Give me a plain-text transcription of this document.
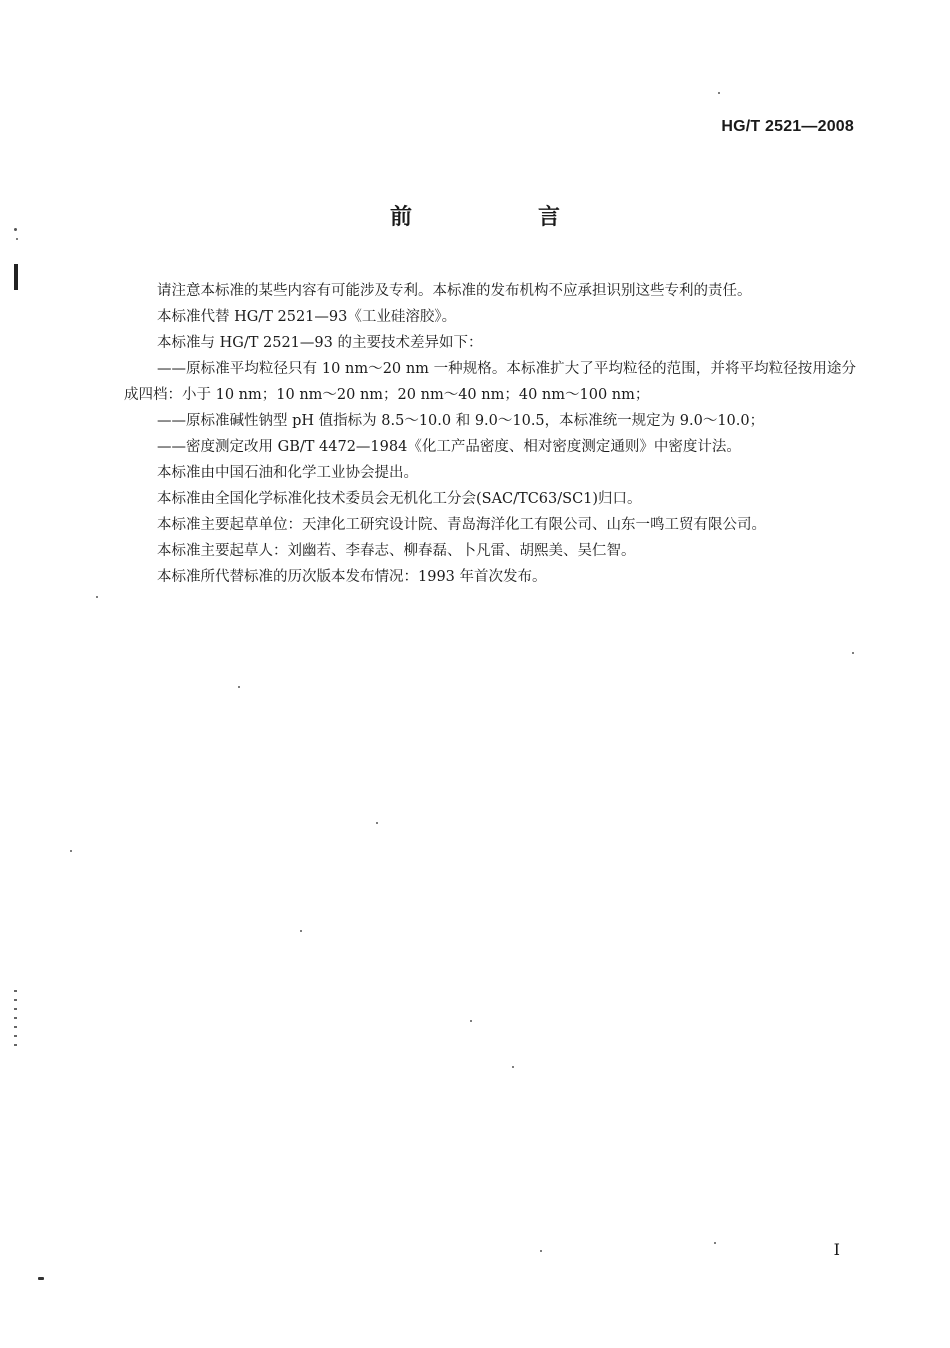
HG/T 2521—2008
前　言

请注意本标准的某些内容有可能涉及专利。本标准的发布机构不应承担识别这些专利的责任。

本标准代替 HG/T 2521—93《工业硅溶胶》。

本标准与 HG/T 2521—93 的主要技术差异如下：

——原标准平均粒径只有 10 nm～20 nm 一种规格。本标准扩大了平均粒径的范围，并将平均粒径按用途分成四档：小于 10 nm；10 nm～20 nm；20 nm～40 nm；40 nm～100 nm；

——原标准碱性钠型 pH 值指标为 8.5～10.0 和 9.0～10.5，本标准统一规定为 9.0～10.0；

——密度测定改用 GB/T 4472—1984《化工产品密度、相对密度测定通则》中密度计法。

本标准由中国石油和化学工业协会提出。

本标准由全国化学标准化技术委员会无机化工分会(SAC/TC63/SC1)归口。

本标准主要起草单位：天津化工研究设计院、青岛海洋化工有限公司、山东一鸣工贸有限公司。

本标准主要起草人：刘幽若、李春志、柳春磊、卜凡雷、胡熙美、吴仁智。

本标准所代替标准的历次版本发布情况：1993 年首次发布。

I
